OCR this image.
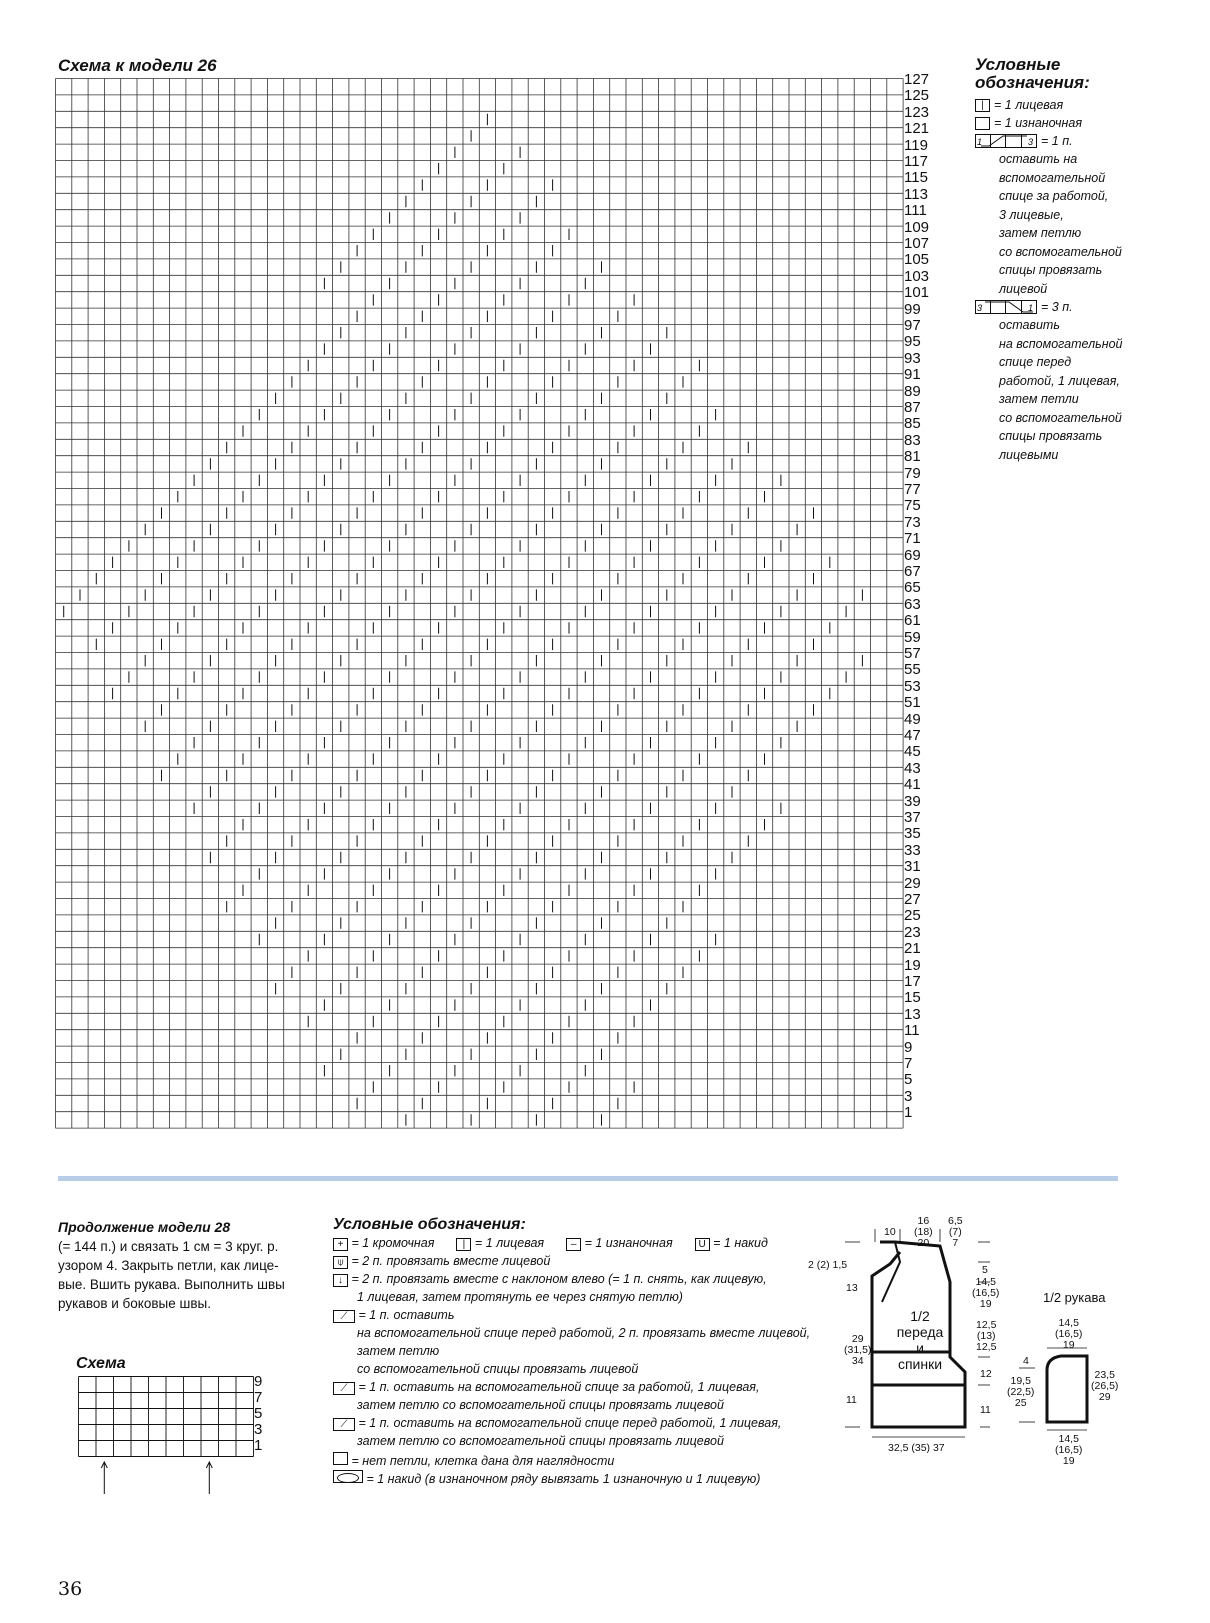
Схема к модели 26
127
125
123
121
119
117
115
113
111
109
107
105
103
101
99
97
95
93
91
89
87
85
83
81
79
77
75
73
71
69
67
65
63
61
59
57
55
53
51
49
47
45
43
41
39
37
35
33
31
29
27
25
23
21
19
17
15
13
11
9
7
5
3
1
Условные
обозначения:
| = 1 лицевая
= 1 изнаночная
1	3 = 1 п.
оставить на
вспомогательной
спице за работой,
3 лицевые,
затем петлю
со вспомогательной
спицы провязать
лицевой
3	1 = 3 п.
оставить
на вспомогательной
спице перед
работой, 1 лицевая,
затем петли
со вспомогательной
спицы провязать
лицевыми
Продолжение модели 28
(= 144 п.) и связать 1 см = 3 круг. р.
узором 4. Закрыть петли, как лице-
вые. Вшить рукава. Выполнить швы
рукавов и боковые швы.
Схема
9
7
5
3
1
Условные обозначения:
+ = 1 кромочная	| = 1 лицевая	– = 1 изнаночная	U = 1 накид
⍦ = 2 п. провязать вместе лицевой
↓ = 2 п. провязать вместе с наклоном влево (= 1 п. снять, как лицевую,
1 лицевая, затем протянуть ее через снятую петлю)
⟋ = 1 п. оставить
на вспомогательной спице перед работой, 2 п. провязать вместе лицевой,
затем петлю
со вспомогательной спицы провязать лицевой
⟋ = 1 п. оставить на вспомогательной спице за работой, 1 лицевая,
затем петлю со вспомогательной спицы провязать лицевой
⟋ = 1 п. оставить на вспомогательной спице перед работой, 1 лицевая,
затем петлю со вспомогательной спицы провязать лицевой
= нет петли, клетка дана для наглядности
= 1 накид (в изнаночном ряду вывязать 1 изнаночную и 1 лицевую)
1/2
переда
и спинки
10
16
(18)
20
6,5
(7)
7
2 (2) 1,5
13
29
(31,5)
34
11
5
14,5
(16,5)
19
12,5
(13)
12,5
12
11
32,5 (35) 37
1/2 рукава
14,5
(16,5)
19
4
19,5
(22,5)
25
23,5
(26,5)
29
14,5
(16,5)
19
36
